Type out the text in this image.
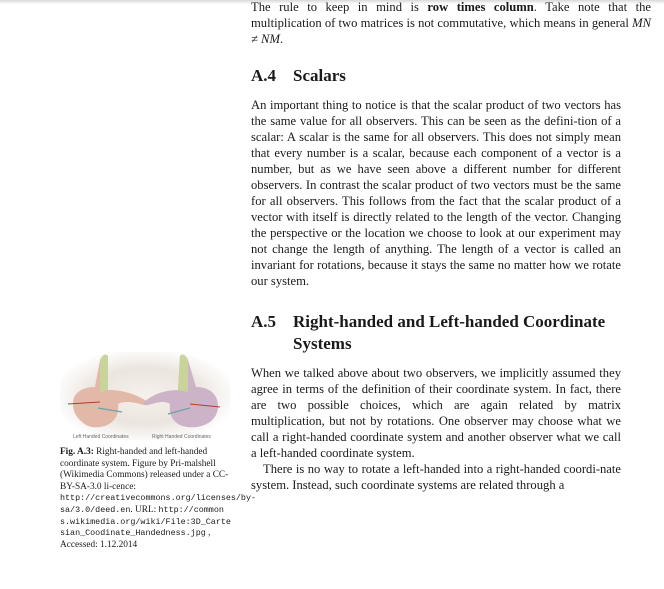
The rule to keep in mind is row times column. Take note that the multiplication of two matrices is not commutative, which means in general MN ≠ NM.

A.4 Scalars

An important thing to notice is that the scalar product of two vectors has the same value for all observers. This can be seen as the defini-tion of a scalar: A scalar is the same for all observers. This does not simply mean that every number is a scalar, because each component of a vector is a number, but as we have seen above a different number for different observers. In contrast the scalar product of two vectors must be the same for all observers. This follows from the fact that the scalar product of a vector with itself is directly related to the length of the vector. Changing the perspective or the location we choose to look at our experiment may not change the length of anything. The length of a vector is called an invariant for rotations, because it stays the same no matter how we rotate our system.

A.5 Right-handed and Left-handed Coordinate
Systems

When we talked above about two observers, we implicitly assumed they agree in terms of the definition of their coordinate system. In fact, there are two possible choices, which are again related by matrix multiplication, but not by rotations. One observer may choose what we call a right-handed coordinate system and another observer what we call a left-handed coordinate system.

There is no way to rotate a left-handed into a right-handed coordi-nate system. Instead, such coordinate systems are related through a

Left Handed Coordinates	Right Handed Coordinates
Fig. A.3: Right-handed and left-handed coordinate system. Figure by Pri-malshell (Wikimedia Commons) released under a CC-BY-SA-3.0 li-cence: http://creativecommons.org/licenses/by-sa/3.0/deed.en. URL: http://commons.wikimedia.org/wiki/File:3D_Cartesian_Coodinate_Handedness.jpg , Accessed: 1.12.2014
